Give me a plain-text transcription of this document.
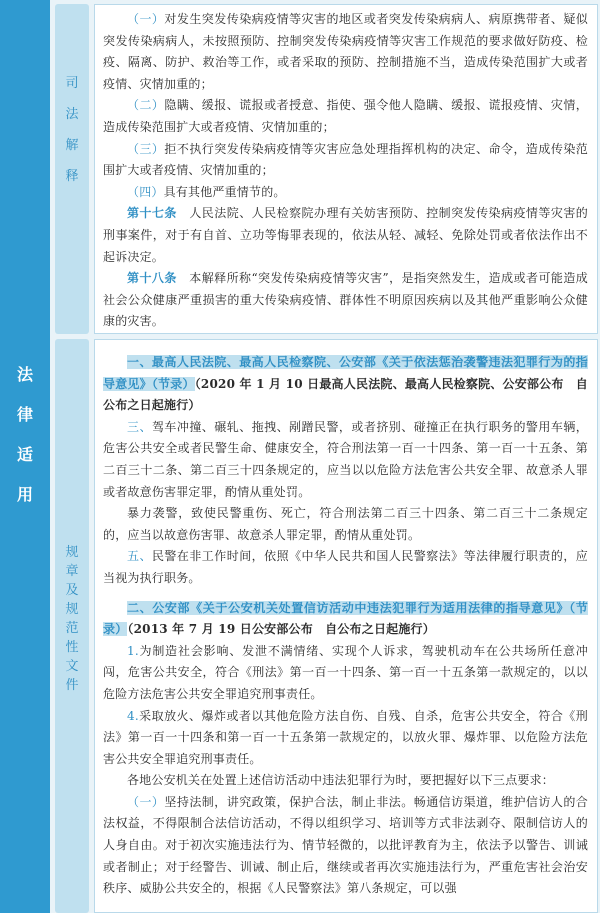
法
律
适
用
司
法
解
释
规
章
及
规
范
性
文
件

（一）对发生突发传染病疫情等灾害的地区或者突发传染病病人、病原携带者、疑似突发传染病病人，未按照预防、控制突发传染病疫情等灾害工作规范的要求做好防疫、检疫、隔离、防护、救治等工作，或者采取的预防、控制措施不当，造成传染范围扩大或者疫情、灾情加重的；

（二）隐瞒、缓报、谎报或者授意、指使、强令他人隐瞒、缓报、谎报疫情、灾情，造成传染范围扩大或者疫情、灾情加重的；

（三）拒不执行突发传染病疫情等灾害应急处理指挥机构的决定、命令，造成传染范围扩大或者疫情、灾情加重的；

（四）具有其他严重情节的。

第十七条　 人民法院、人民检察院办理有关妨害预防、控制突发传染病疫情等灾害的刑事案件，对于有自首、立功等悔罪表现的，依法从轻、减轻、免除处罚或者依法作出不起诉决定。

第十八条　 本解释所称“突发传染病疫情等灾害”，是指突然发生，造成或者可能造成社会公众健康严重损害的重大传染病疫情、群体性不明原因疾病以及其他严重影响公众健康的灾害。

一、最高人民法院、最高人民检察院、公安部《关于依法惩治袭警违法犯罪行为的指导意见》（节录）（2020 年 1 月 10 日最高人民法院、最高人民检察院、公安部公布　自公布之日起施行）

三、驾车冲撞、碾轧、拖拽、剐蹭民警，或者挤别、碰撞正在执行职务的警用车辆，危害公共安全或者民警生命、健康安全，符合刑法第一百一十四条、第一百一十五条、第二百三十二条、第二百三十四条规定的，应当以以危险方法危害公共安全罪、故意杀人罪或者故意伤害罪定罪，酌情从重处罚。

暴力袭警，致使民警重伤、死亡，符合刑法第二百三十四条、第二百三十二条规定的，应当以故意伤害罪、故意杀人罪定罪，酌情从重处罚。

五、民警在非工作时间，依照《中华人民共和国人民警察法》等法律履行职责的，应当视为执行职务。

二、公安部《关于公安机关处置信访活动中违法犯罪行为适用法律的指导意见》（节录）（2013 年 7 月 19 日公安部公布　自公布之日起施行）

1.为制造社会影响、发泄不满情绪、实现个人诉求，驾驶机动车在公共场所任意冲闯，危害公共安全，符合《刑法》第一百一十四条、第一百一十五条第一款规定的，以以危险方法危害公共安全罪追究刑事责任。

4.采取放火、爆炸或者以其他危险方法自伤、自残、自杀，危害公共安全，符合《刑法》第一百一十四条和第一百一十五条第一款规定的，以放火罪、爆炸罪、以危险方法危害公共安全罪追究刑事责任。

各地公安机关在处置上述信访活动中违法犯罪行为时，要把握好以下三点要求：

（一）坚持法制，讲究政策，保护合法，制止非法。畅通信访渠道，维护信访人的合法权益，不得限制合法信访活动，不得以组织学习、培训等方式非法剥夺、限制信访人的人身自由。对于初次实施违法行为、情节轻微的，以批评教育为主，依法予以警告、训诫或者制止；对于经警告、训诫、制止后，继续或者再次实施违法行为，严重危害社会治安秩序、威胁公共安全的，根据《人民警察法》第八条规定，可以强
